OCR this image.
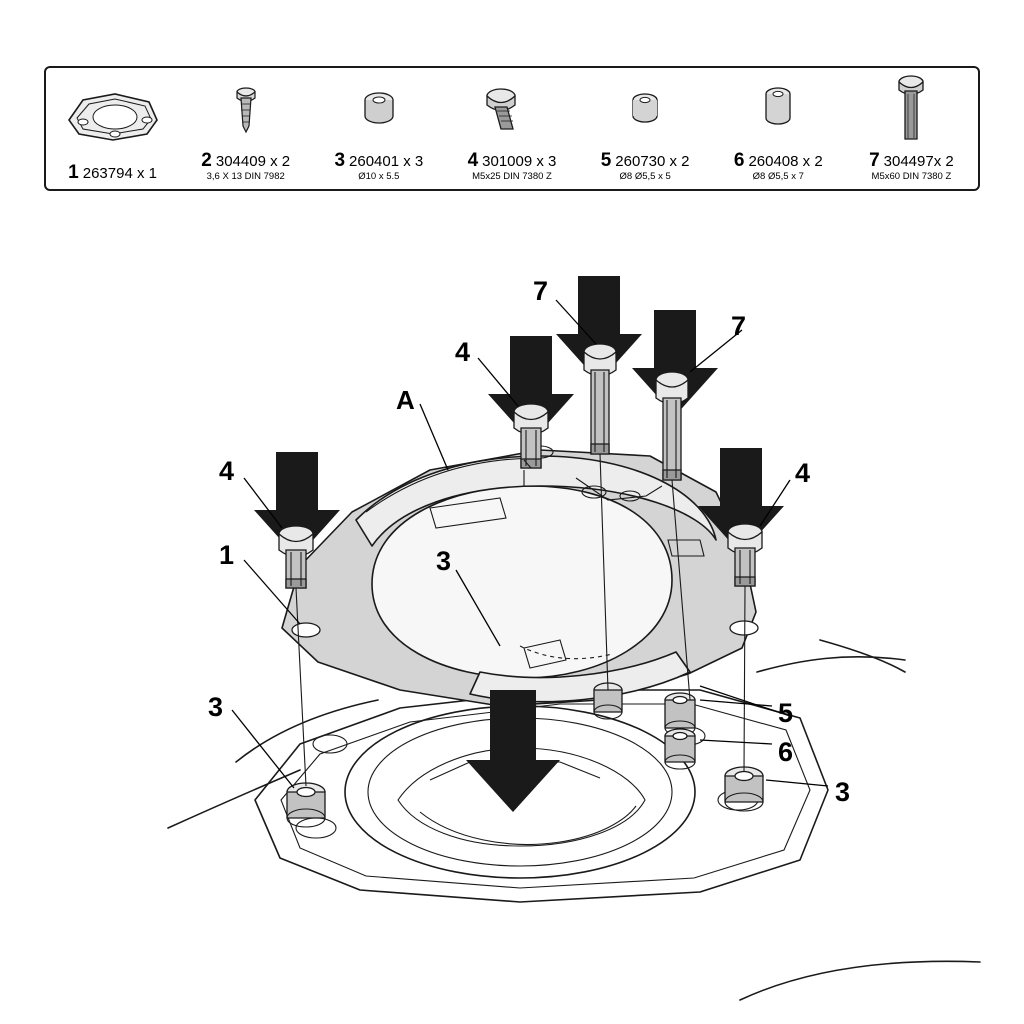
1 263794 x 1
2 304409 x 2
3,6 X 13 DIN 7982
3 260401 x 3
Ø10 x 5.5
4 301009 x 3
M5x25 DIN 7380 Z
5 260730 x 2
Ø8 Ø5,5 x 5
6 260408 x 2
Ø8 Ø5,5 x 7
7 304497x 2
M5x60 DIN 7380 Z
7
7
4
A
4	4
1	3
3	5
6
3
